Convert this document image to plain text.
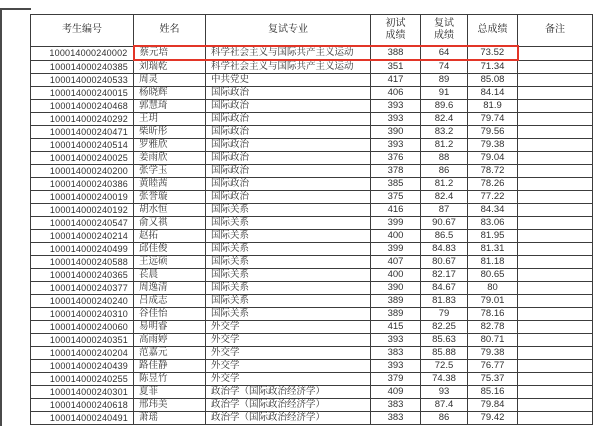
考生编号	姓名	复试专业	初试成绩	复试成绩	总成绩	备注
100014000240002	蔡元培	科学社会主义与国际共产主义运动	388	64	73.52	
100014000240385	刘瑞乾	科学社会主义与国际共产主义运动	351	74	71.34	
100014000240533	周灵	中共党史	417	89	85.08	
100014000240015	杨晓辉	国际政治	406	91	84.14	
100014000240468	郭慧琦	国际政治	393	89.6	81.9	
100014000240292	王玥	国际政治	393	82.4	79.74	
100014000240471	柴昕彤	国际政治	390	83.2	79.56	
100014000240514	罗雅欣	国际政治	393	81.2	79.38	
100014000240025	姜雨欣	国际政治	376	88	79.04	
100014000240200	张学玉	国际政治	378	86	78.72	
100014000240386	黄睦茜	国际政治	385	81.2	78.26	
100014000240019	张誉璇	国际政治	375	82.4	77.22	
100014000240192	胡水恒	国际关系	416	87	84.34	
100014000240547	俞又祺	国际关系	399	90.67	83.06	
100014000240214	赵拓	国际关系	400	86.5	81.95	
100014000240499	邱佳俊	国际关系	399	84.83	81.31	
100014000240588	王远硕	国际关系	407	80.67	81.18	
100014000240365	苌晨	国际关系	400	82.17	80.65	
100014000240377	周逸清	国际关系	390	84.67	80	
100014000240240	吕成志	国际关系	389	81.83	79.01	
100014000240310	谷佳怡	国际关系	389	79	78.16	
100014000240060	易明睿	外交学	415	82.25	82.78	
100014000240351	高雨婷	外交学	393	85.63	80.71	
100014000240204	范嘉元	外交学	383	85.88	79.38	
100014000240439	路佳静	外交学	393	72.5	76.77	
100014000240255	陈昱竹	外交学	379	74.38	75.37	
100014000240301	夏菲	政治学（国际政治经济学）	409	93	85.16	
100014000240618	邢玮美	政治学（国际政治经济学）	383	87.4	79.84	
100014000240491	萧瑶	政治学（国际政治经济学）	383	86	79.42	
